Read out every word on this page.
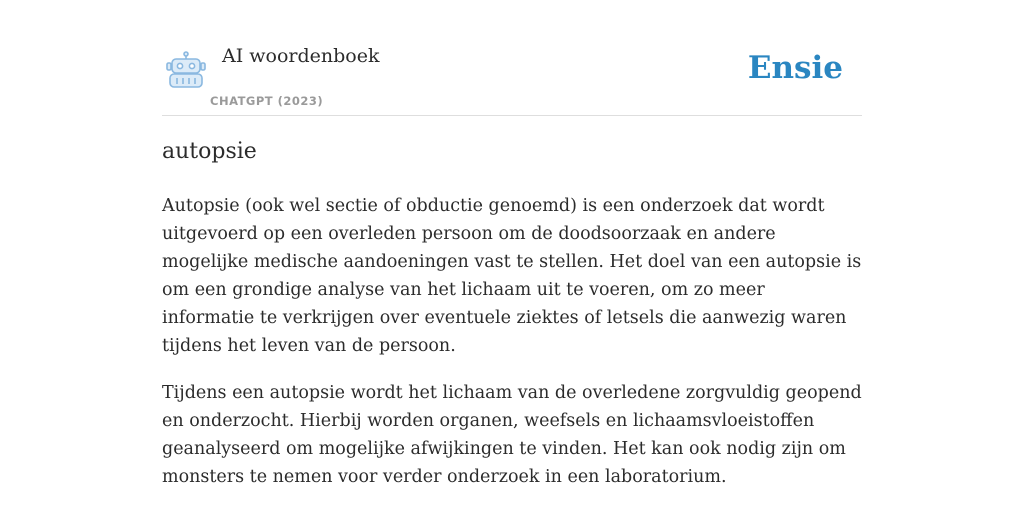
AI woordenboek
CHATGPT (2023)
Ensie
autopsie

Autopsie (ook wel sectie of obductie genoemd) is een onderzoek dat wordt uitgevoerd op een overleden persoon om de doodsoorzaak en andere mogelijke medische aandoeningen vast te stellen. Het doel van een autopsie is om een grondige analyse van het lichaam uit te voeren, om zo meer informatie te verkrijgen over eventuele ziektes of letsels die aanwezig waren tijdens het leven van de persoon.

Tijdens een autopsie wordt het lichaam van de overledene zorgvuldig geopend en onderzocht. Hierbij worden organen, weefsels en lichaamsvloeistoffen geanalyseerd om mogelijke afwijkingen te vinden. Het kan ook nodig zijn om monsters te nemen voor verder onderzoek in een laboratorium.
